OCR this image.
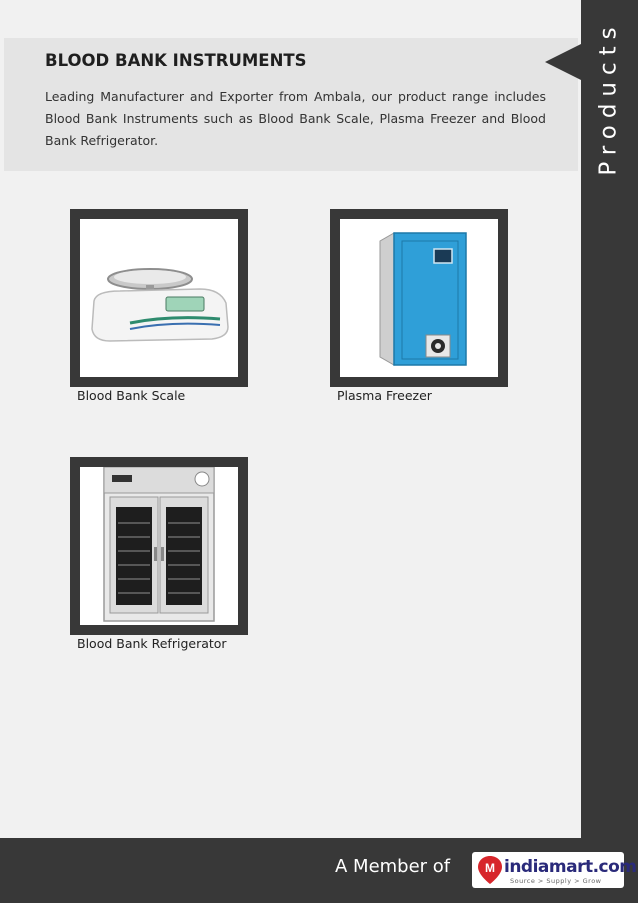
Products
BLOOD BANK INSTRUMENTS

Leading Manufacturer and Exporter from Ambala, our product range includes Blood Bank Instruments such as Blood Bank Scale, Plasma Freezer and Blood Bank Refrigerator.

Blood Bank Scale	Plasma Freezer
Blood Bank Refrigerator
A Member of	M indiamart.com
Source > Supply > Grow
